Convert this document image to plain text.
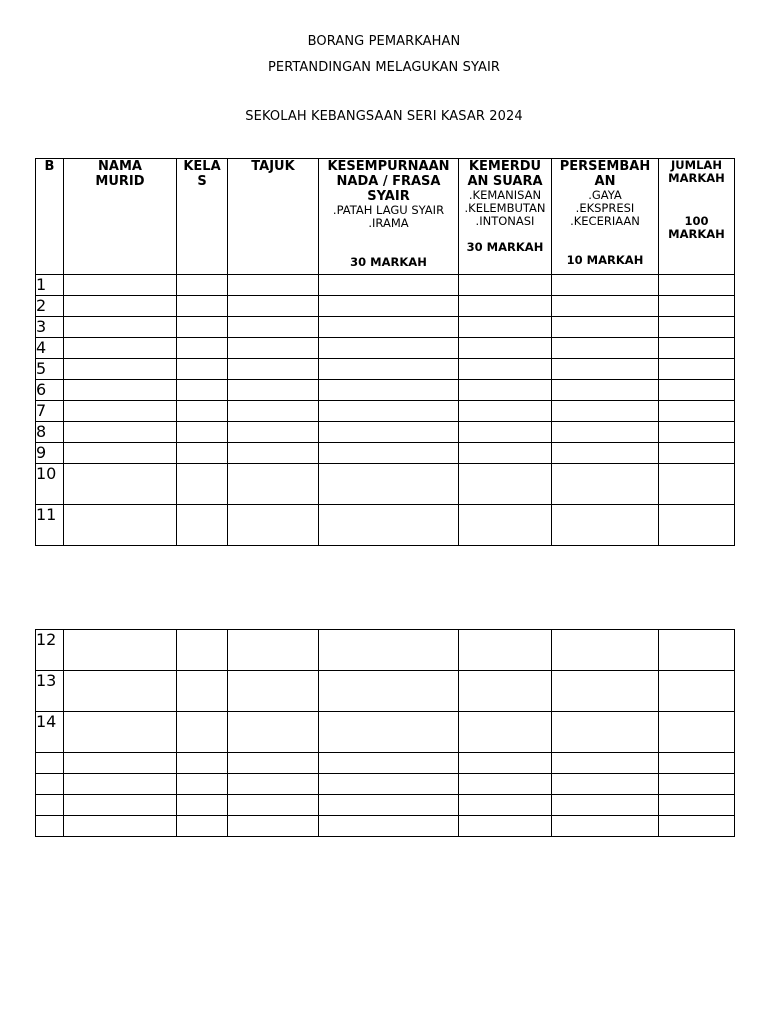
BORANG PEMARKAHAN
PERTANDINGAN MELAGUKAN SYAIR
SEKOLAH KEBANGSAAN SERI KASAR 2024
B	NAMA MURID	KELA S	TAJUK	KESEMPURNAAN NADA / FRASA SYAIR
.PATAH LAGU SYAIR
.IRAMA
30 MARKAH	KEMERDU AN SUARA
.KEMANISAN
.KELEMBUTAN
.INTONASI
30 MARKAH	PERSEMBAH AN
.GAYA
.EKSPRESI
.KECERIAAN
10 MARKAH	JUMLAH MARKAH
100 MARKAH

1							
2							
3							
4							
5							
6							
7							
8							
9							
10							
11							
12							
13							
14							
